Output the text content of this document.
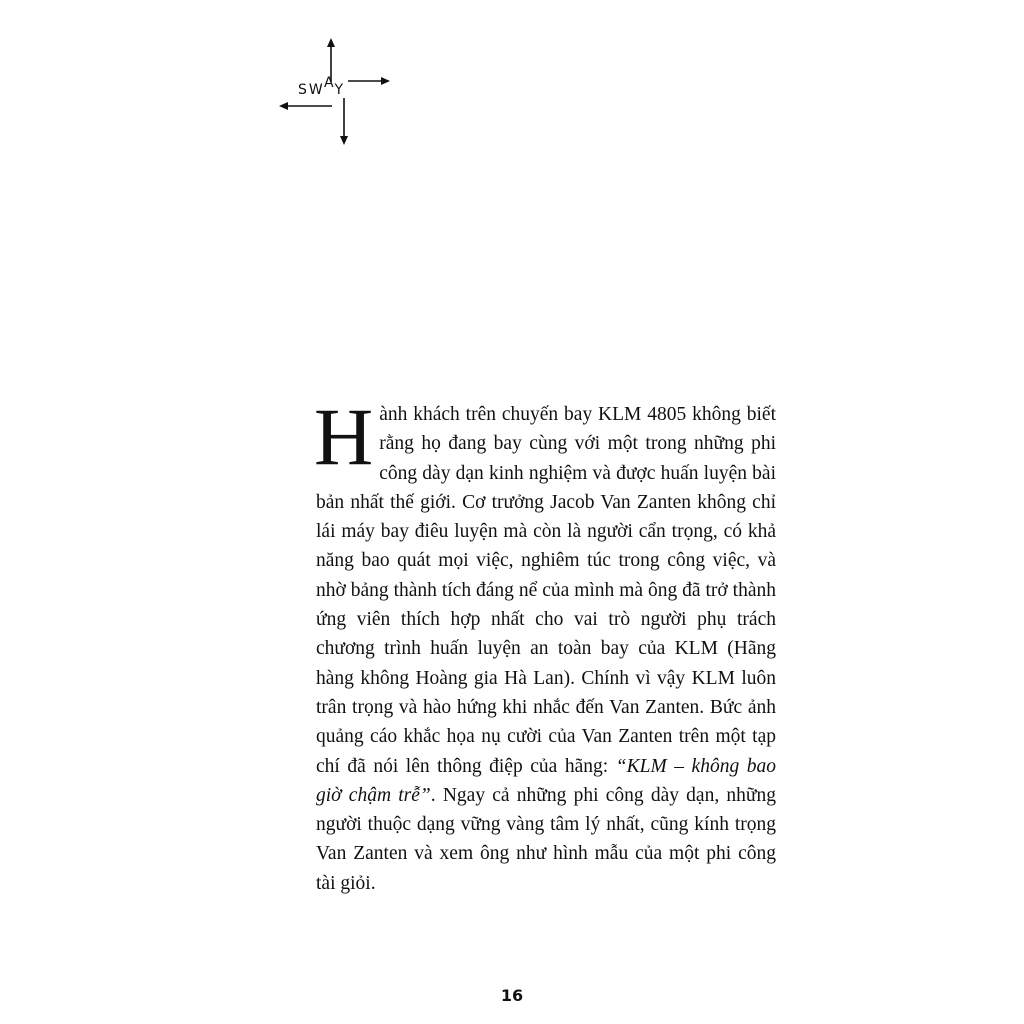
SWAY
H ành khách trên chuyến bay KLM 4805 không biết rằng họ đang bay cùng với một trong những phi công dày dạn kinh nghiệm và được huấn luyện bài bản nhất thế giới. Cơ trưởng Jacob Van Zanten không chỉ lái máy bay điêu luyện mà còn là người cẩn trọng, có khả năng bao quát mọi việc, nghiêm túc trong công việc, và nhờ bảng thành tích đáng nể của mình mà ông đã trở thành ứng viên thích hợp nhất cho vai trò người phụ trách chương trình huấn luyện an toàn bay của KLM (Hãng hàng không Hoàng gia Hà Lan). Chính vì vậy KLM luôn trân trọng và hào hứng khi nhắc đến Van Zanten. Bức ảnh quảng cáo khắc họa nụ cười của Van Zanten trên một tạp chí đã nói lên thông điệp của hãng: “KLM – không bao giờ chậm trễ”. Ngay cả những phi công dày dạn, những người thuộc dạng vững vàng tâm lý nhất, cũng kính trọng Van Zanten và xem ông như hình mẫu của một phi công tài giỏi.

16
